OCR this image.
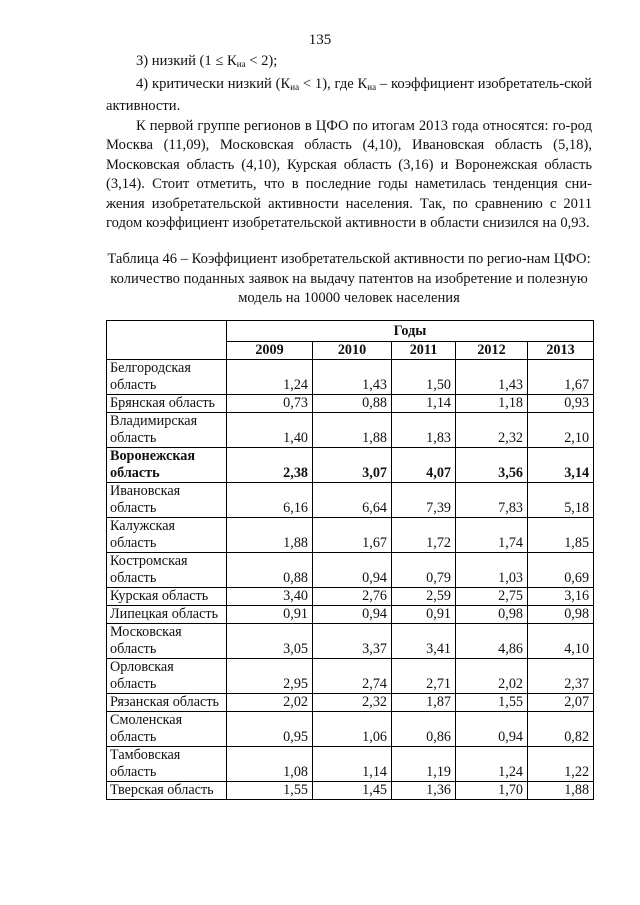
135

3) низкий $(1 \le К_{иа} < 2)$;

4) критически низкий $(К_{иа} < 1)$, где $К_{иа}$ – коэффициент изобретатель-ской активности.

К первой группе регионов в ЦФО по итогам 2013 года относятся: го-род Москва (11,09), Московская область (4,10), Ивановская область (5,18), Московская область (4,10), Курская область (3,16) и Воронежская область (3,14). Стоит отметить, что в последние годы наметилась тенденция сни-жения изобретательской активности населения. Так, по сравнению с 2011 годом коэффициент изобретательской активности в области снизился на 0,93.

Таблица 46 – Коэффициент изобретательской активности по регио-нам ЦФО: количество поданных заявок на выдачу патентов на изобретение и полезную модель на 10000 человек населения
	Годы				
	2009	2010	2011	2012	2013
Белгородская область	1,24	1,43	1,50	1,43	1,67
Брянская область	0,73	0,88	1,14	1,18	0,93
Владимирская область	1,40	1,88	1,83	2,32	2,10
Воронежская область	2,38	3,07	4,07	3,56	3,14
Ивановская область	6,16	6,64	7,39	7,83	5,18
Калужская область	1,88	1,67	1,72	1,74	1,85
Костромская область	0,88	0,94	0,79	1,03	0,69
Курская область	3,40	2,76	2,59	2,75	3,16
Липецкая область	0,91	0,94	0,91	0,98	0,98
Московская область	3,05	3,37	3,41	4,86	4,10
Орловская область	2,95	2,74	2,71	2,02	2,37
Рязанская область	2,02	2,32	1,87	1,55	2,07
Смоленская область	0,95	1,06	0,86	0,94	0,82
Тамбовская область	1,08	1,14	1,19	1,24	1,22
Тверская область	1,55	1,45	1,36	1,70	1,88
